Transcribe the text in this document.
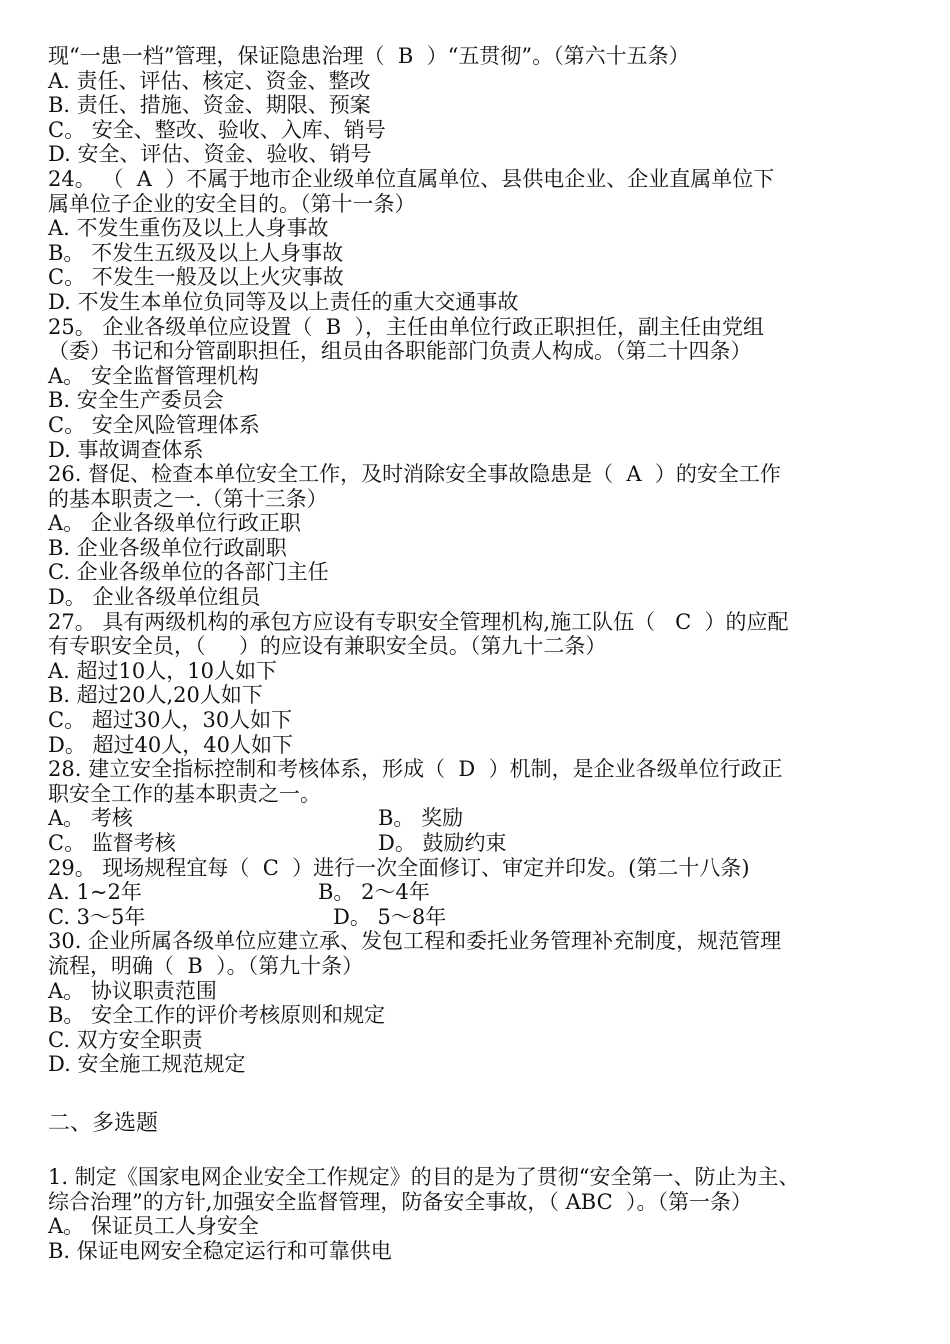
现“一患一档”管理，保证隐患治理（  B  ）“五贯彻”。（第六十五条）
A. 责任、评估、核定、资金、整改
B. 责任、措施、资金、期限、预案
C。 安全、整改、验收、入库、销号
D. 安全、评估、资金、验收、销号
24。 （  A  ）不属于地市企业级单位直属单位、县供电企业、企业直属单位下
属单位子企业的安全目的。（第十一条）
A. 不发生重伤及以上人身事故
B。 不发生五级及以上人身事故
C。 不发生一般及以上火灾事故
D. 不发生本单位负同等及以上责任的重大交通事故
25。 企业各级单位应设置（  B  ），主任由单位行政正职担任，副主任由党组
（委）书记和分管副职担任，组员由各职能部门负责人构成。（第二十四条）
A。 安全监督管理机构
B. 安全生产委员会
C。 安全风险管理体系
D. 事故调查体系
26. 督促、检查本单位安全工作，及时消除安全事故隐患是（  A  ）的安全工作
的基本职责之一.（第十三条）
A。 企业各级单位行政正职
B. 企业各级单位行政副职
C. 企业各级单位的各部门主任
D。 企业各级单位组员
27。 具有两级机构的承包方应设有专职安全管理机构,施工队伍（   C  ）的应配
有专职安全员，（     ）的应设有兼职安全员。（第九十二条）
A. 超过10人，10人如下
B. 超过20人,20人如下
C。 超过30人，30人如下
D。 超过40人，40人如下
28. 建立安全指标控制和考核体系，形成（  D  ）机制，是企业各级单位行政正
职安全工作的基本职责之一。
A。 考核	B。 奖励
C。 监督考核	D。 鼓励约束
29。 现场规程宜每（  C  ）进行一次全面修订、审定并印发。(第二十八条)
A. 1~2年	B。 2～4年
C. 3～5年	D。 5～8年
30. 企业所属各级单位应建立承、发包工程和委托业务管理补充制度，规范管理
流程，明确（  B  ）。（第九十条）
A。 协议职责范围
B。 安全工作的评价考核原则和规定
C. 双方安全职责
D. 安全施工规范规定
二、多选题
1. 制定《国家电网企业安全工作规定》的目的是为了贯彻“安全第一、防止为主、
综合治理”的方针,加强安全监督管理，防备安全事故，（ ABC  ）。（第一条）
A。 保证员工人身安全
B. 保证电网安全稳定运行和可靠供电
